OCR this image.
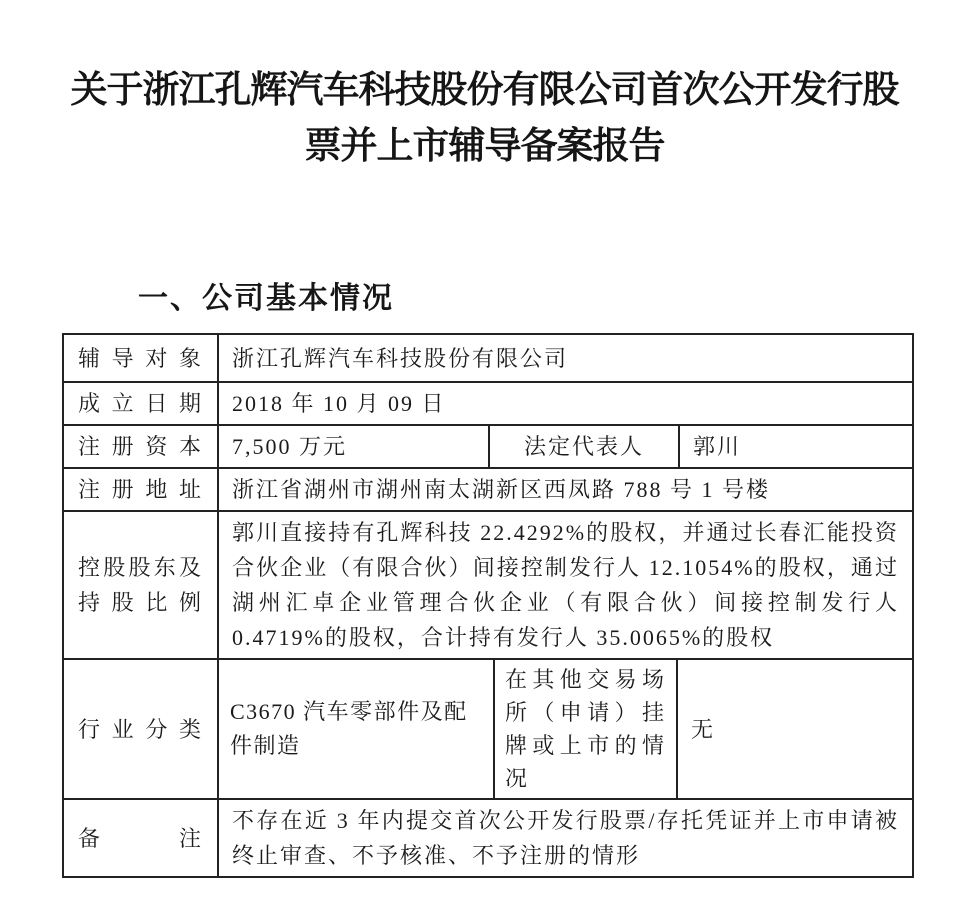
关于浙江孔辉汽车科技股份有限公司首次公开发行股
票并上市辅导备案报告
一、公司基本情况
辅导对象 浙江孔辉汽车科技股份有限公司
成立日期 2018 年 10 月 09 日
注册资本 7,500 万元	法定代表人 郭川
注册地址 浙江省湖州市湖州南太湖新区西凤路 788 号 1 号楼
控股股东及持股比例
郭川直接持有孔辉科技 22.4292%的股权，并通过长春汇能投资合伙企业（有限合伙）间接控制发行人 12.1054%的股权，通过湖州汇卓企业管理合伙企业（有限合伙）间接控制发行人 0.4719%的股权，合计持有发行人 35.0065%的股权
行业分类
C3670 汽车零部件及配件制造
在其他交易场所（申请）挂牌或上市的情况
无
备注
不存在近 3 年内提交首次公开发行股票/存托凭证并上市申请被终止审查、不予核准、不予注册的情形
